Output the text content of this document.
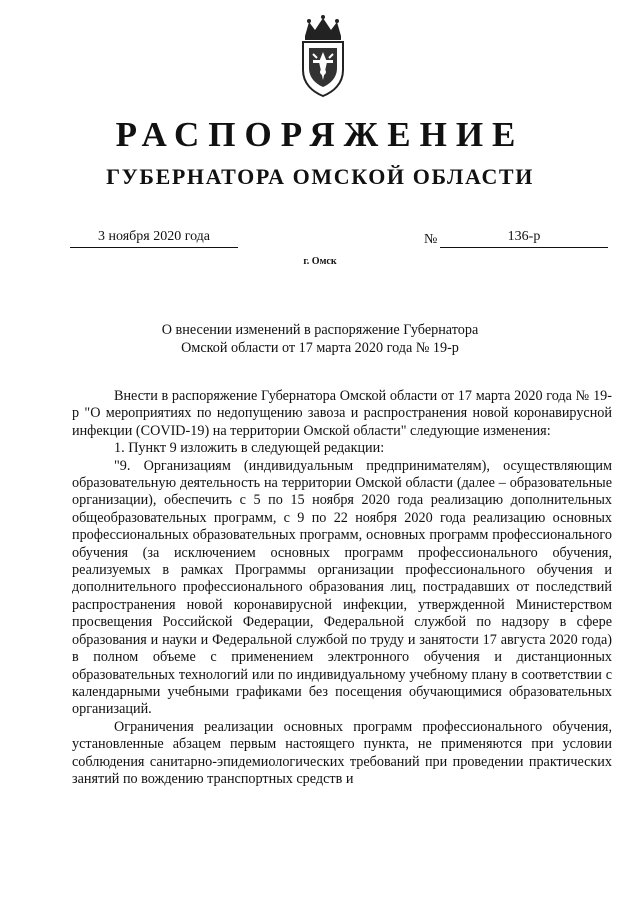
РАСПОРЯЖЕНИЕ
ГУБЕРНАТОРА ОМСКОЙ ОБЛАСТИ
3 ноября 2020 года	№	136-р
г. Омск
О внесении изменений в распоряжение Губернатора
Омской области от 17 марта 2020 года № 19-р

Внести в распоряжение Губернатора Омской области от 17 марта 2020 года № 19-р "О мероприятиях по недопущению завоза и распространения новой коронавирусной инфекции (COVID-19) на территории Омской области" следующие изменения:

1. Пункт 9 изложить в следующей редакции:

"9. Организациям (индивидуальным предпринимателям), осуществляющим образовательную деятельность на территории Омской области (далее – образовательные организации), обеспечить с 5 по 15 ноября 2020 года реализацию дополнительных общеобразовательных программ, с 9 по 22 ноября 2020 года реализацию основных профессиональных образовательных программ, основных программ профессионального обучения (за исключением основных программ профессионального обучения, реализуемых в рамках Программы организации профессионального обучения и дополнительного профессионального образования лиц, пострадавших от последствий распространения новой коронавирусной инфекции, утвержденной Министерством просвещения Российской Федерации, Федеральной службой по надзору в сфере образования и науки и Федеральной службой по труду и занятости 17 августа 2020 года) в полном объеме с применением электронного обучения и дистанционных образовательных технологий или по индивидуальному учебному плану в соответствии с календарными учебными графиками без посещения обучающимися образовательных организаций.

Ограничения реализации основных программ профессионального обучения, установленные абзацем первым настоящего пункта, не применяются при условии соблюдения санитарно-эпидемиологических требований при проведении практических занятий по вождению транспортных средств и
